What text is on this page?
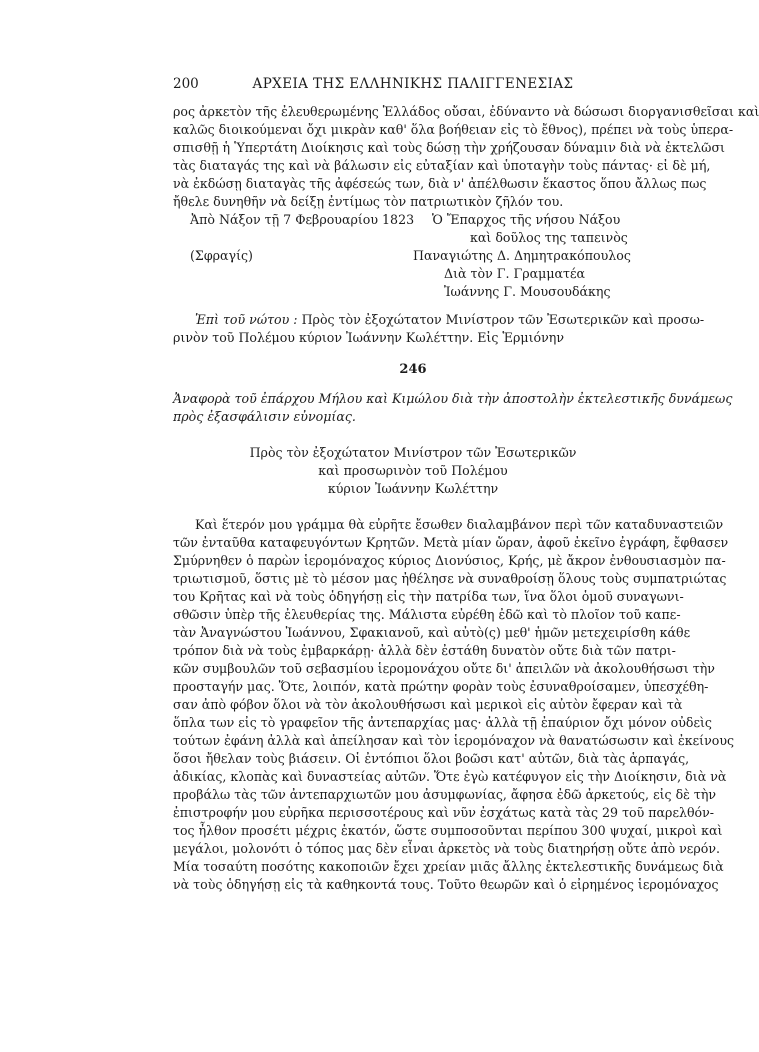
200	ΑΡΧΕΙΑ ΤΗΣ ΕΛΛΗΝΙΚΗΣ ΠΑΛΙΓΓΕΝΕΣΙΑΣ
ρος ἀρκετὸν τῆς ἐλευθερωμένης Ἑλλάδος οὔσαι, ἐδύναντο νὰ δώσωσι διοργανισθεῖσαι καὶ
καλῶς διοικούμεναι ὄχι μικρὰν καθ' ὅλα βοήθειαν εἰς τὸ ἔθνος), πρέπει νὰ τοὺς ὑπερα-
σπισθῇ ἡ Ὑπερτάτη Διοίκησις καὶ τοὺς δώσῃ τὴν χρήζουσαν δύναμιν διὰ νὰ ἐκτελῶσι
τὰς διαταγάς της καὶ νὰ βάλωσιν εἰς εὐταξίαν καὶ ὑποταγὴν τοὺς πάντας· εἰ δὲ μή,
νὰ ἐκδώσῃ διαταγὰς τῆς ἀφέσεώς των, διὰ ν' ἀπέλθωσιν ἕκαστος ὅπου ἄλλως πως
ἤθελε δυνηθῆν νὰ δείξῃ ἐντίμως τὸν πατριωτικὸν ζῆλόν του.
Ἀπὸ Νάξον τῇ 7 Φεβρουαρίου 1823
(Σφραγίς)
Ὁ Ἔπαρχος τῆς νήσου Νάξου
καὶ δοῦλος της ταπεινὸς
Παναγιώτης Δ. Δημητρακόπουλος
Διὰ τὸν Γ. Γραμματέα
Ἰωάννης Γ. Μουσουδάκης
Ἐπὶ τοῦ νώτου : Πρὸς τὸν ἐξοχώτατον Μινίστρον τῶν Ἐσωτερικῶν καὶ προσω-
ρινὸν τοῦ Πολέμου κύριον Ἰωάννην Κωλέττην. Εἰς Ἑρμιόνην
246
Ἀναφορὰ τοῦ ἐπάρχου Μήλου καὶ Κιμώλου διὰ τὴν ἀποστολὴν ἐκτελεστικῆς δυνάμεως
πρὸς ἐξασφάλισιν εὐνομίας.
Πρὸς τὸν ἐξοχώτατον Μινίστρον τῶν Ἐσωτερικῶν
καὶ προσωρινὸν τοῦ Πολέμου
κύριον Ἰωάννην Κωλέττην
Καὶ ἕτερόν μου γράμμα θὰ εὐρῆτε ἔσωθεν διαλαμβάνον περὶ τῶν καταδυναστειῶν
τῶν ἐνταῦθα καταφευγόντων Κρητῶν. Μετὰ μίαν ὥραν, ἀφοῦ ἐκεῖνο ἐγράφη, ἔφθασεν
Σμύρνηθεν ὁ παρὼν ἱερομόναχος κύριος Διονύσιος, Κρής, μὲ ἄκρον ἐνθουσιασμὸν πα-
τριωτισμοῦ, ὅστις μὲ τὸ μέσον μας ἠθέλησε νὰ συναθροίσῃ ὅλους τοὺς συμπατριώτας
του Κρῆτας καὶ νὰ τοὺς ὁδηγήσῃ εἰς τὴν πατρίδα των, ἵνα ὅλοι ὁμοῦ συναγωνι-
σθῶσιν ὑπὲρ τῆς ἐλευθερίας της. Μάλιστα εὐρέθη ἐδῶ καὶ τὸ πλοῖον τοῦ καπε-
τὰν Ἀναγνώστου Ἰωάννου, Σφακιανοῦ, καὶ αὐτὸ(ς) μεθ' ἡμῶν μετεχειρίσθη κάθε
τρόπον διὰ νὰ τοὺς ἐμβαρκάρῃ· ἀλλὰ δὲν ἐστάθη δυνατὸν οὔτε διὰ τῶν πατρι-
κῶν συμβουλῶν τοῦ σεβασμίου ἱερομονάχου οὔτε δι' ἀπειλῶν νὰ ἀκολουθήσωσι τὴν
προσταγήν μας. Ὅτε, λοιπόν, κατὰ πρώτην φορὰν τοὺς ἐσυναθροίσαμεν, ὑπεσχέθη-
σαν ἀπὸ φόβον ὅλοι νὰ τὸν ἀκολουθήσωσι καὶ μερικοὶ εἰς αὐτὸν ἔφεραν καὶ τὰ
ὅπλα των εἰς τὸ γραφεῖον τῆς ἀντεπαρχίας μας· ἀλλὰ τῇ ἐπαύριον ὄχι μόνον οὐδεὶς
τούτων ἐφάνη ἀλλὰ καὶ ἀπείλησαν καὶ τὸν ἱερομόναχον νὰ θανατώσωσιν καὶ ἐκείνους
ὅσοι ἤθελαν τοὺς βιάσειν. Οἱ ἐντόπιοι ὅλοι βοῶσι κατ' αὐτῶν, διὰ τὰς ἁρπαγάς,
ἀδικίας, κλοπὰς καὶ δυναστείας αὐτῶν. Ὅτε ἐγὼ κατέφυγον εἰς τὴν Διοίκησιν, διὰ νὰ
προβάλω τὰς τῶν ἀντεπαρχιωτῶν μου ἀσυμφωνίας, ἄφησα ἐδῶ ἀρκετούς, εἰς δὲ τὴν
ἐπιστροφήν μου εὐρῆκα περισσοτέρους καὶ νῦν ἐσχάτως κατὰ τὰς 29 τοῦ παρελθόν-
τος ἦλθον προσέτι μέχρις ἑκατόν, ὥστε συμποσοῦνται περίπου 300 ψυχαί, μικροὶ καὶ
μεγάλοι, μολονότι ὁ τόπος μας δὲν εἶναι ἀρκετὸς νὰ τοὺς διατηρήσῃ οὔτε ἀπὸ νερόν.
Μία τοσαύτη ποσότης κακοποιῶν ἔχει χρείαν μιᾶς ἄλλης ἐκτελεστικῆς δυνάμεως διὰ
νὰ τοὺς ὁδηγήσῃ εἰς τὰ καθηκοντά τους. Τοῦτο θεωρῶν καὶ ὁ εἰρημένος ἱερομόναχος
